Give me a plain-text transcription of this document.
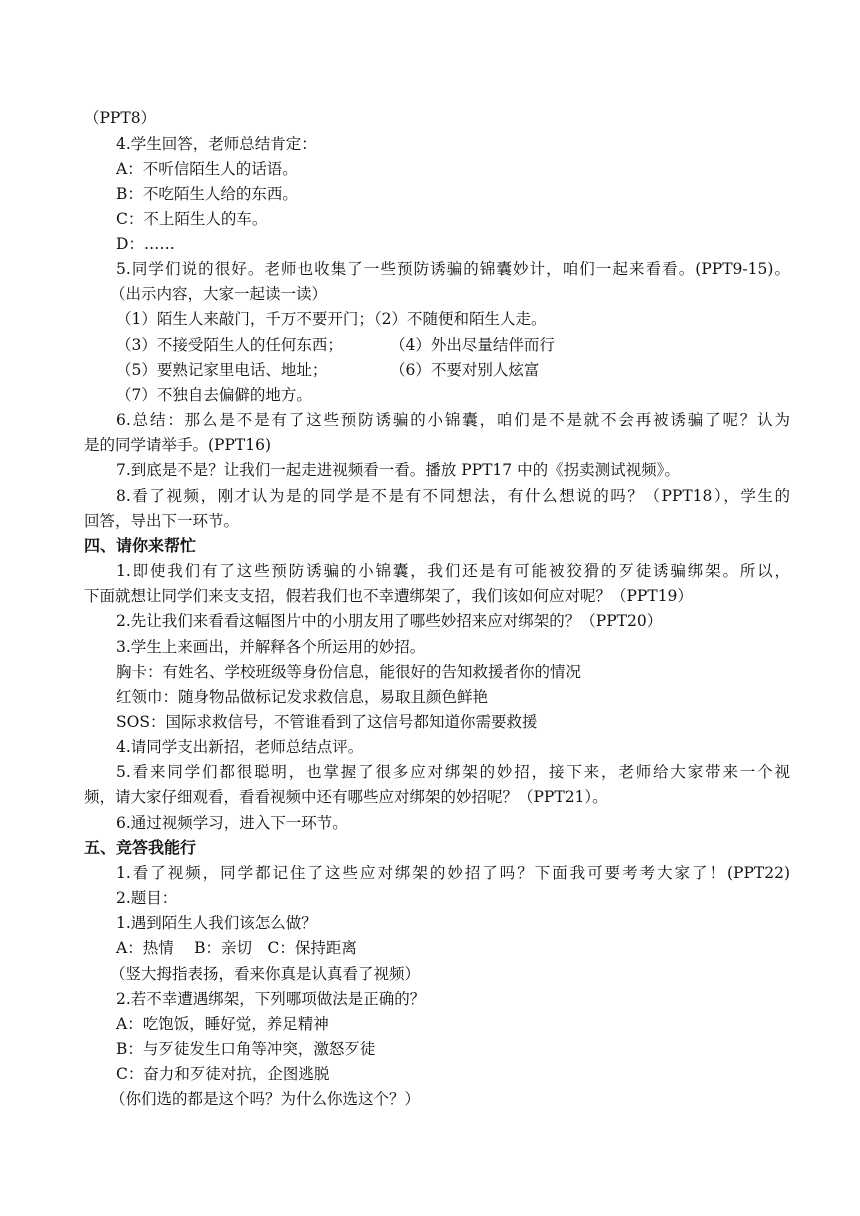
（PPT8）
4.学生回答，老师总结肯定：
A：不听信陌生人的话语。
B：不吃陌生人给的东西。
C：不上陌生人的车。
D：……
5.同学们说的很好。老师也收集了一些预防诱骗的锦囊妙计，咱们一起来看看。(PPT9-15)。
（出示内容，大家一起读一读）
（1）陌生人来敲门，千万不要开门；（2）不随便和陌生人走。
（3）不接受陌生人的任何东西；	（4）外出尽量结伴而行
（5）要熟记家里电话、地址；	（6）不要对别人炫富
（7）不独自去偏僻的地方。
6.总结：那么是不是有了这些预防诱骗的小锦囊，咱们是不是就不会再被诱骗了呢？认为
是的同学请举手。(PPT16)
7.到底是不是？让我们一起走进视频看一看。播放 PPT17 中的《拐卖测试视频》。
8.看了视频，刚才认为是的同学是不是有不同想法，有什么想说的吗？（PPT18），学生的
回答，导出下一环节。
四、请你来帮忙
1.即使我们有了这些预防诱骗的小锦囊，我们还是有可能被狡猾的歹徒诱骗绑架。所以，
下面就想让同学们来支支招，假若我们也不幸遭绑架了，我们该如何应对呢？（PPT19）
2.先让我们来看看这幅图片中的小朋友用了哪些妙招来应对绑架的？（PPT20）
3.学生上来画出，并解释各个所运用的妙招。
胸卡：有姓名、学校班级等身份信息，能很好的告知救援者你的情况
红领巾：随身物品做标记发求救信息，易取且颜色鲜艳
SOS：国际求救信号，不管谁看到了这信号都知道你需要救援
4.请同学支出新招，老师总结点评。
5.看来同学们都很聪明，也掌握了很多应对绑架的妙招，接下来，老师给大家带来一个视
频，请大家仔细观看，看看视频中还有哪些应对绑架的妙招呢？（PPT21）。
6.通过视频学习，进入下一环节。
五、竞答我能行
1.看了视频，同学都记住了这些应对绑架的妙招了吗？下面我可要考考大家了！(PPT22)
2.题目：
1.遇到陌生人我们该怎么做？
A：热情　 B：亲切　C：保持距离
（竖大拇指表扬，看来你真是认真看了视频）
2.若不幸遭遇绑架，下列哪项做法是正确的？
A：吃饱饭，睡好觉，养足精神
B：与歹徒发生口角等冲突，激怒歹徒
C：奋力和歹徒对抗，企图逃脱
（你们选的都是这个吗？为什么你选这个？）
